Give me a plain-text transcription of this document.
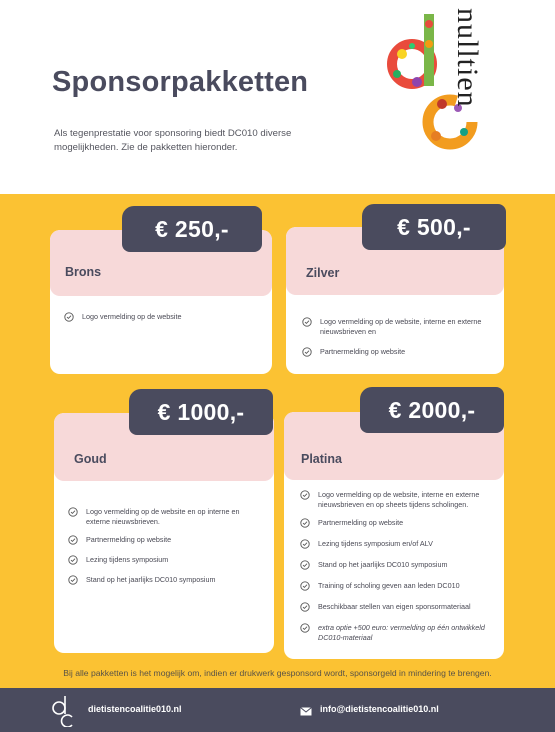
Sponsorpakketten

Als tegenprestatie voor sponsoring biedt DC010 diverse mogelijkheden. Zie de pakketten hieronder.

nulltien
Brons
Logo vermelding op de website
€ 250,-
Zilver
Logo vermelding op de website, interne en externe nieuwsbrieven en
Partnermelding op website
€ 500,-
Goud
Logo vermelding op de website en op interne en externe nieuwsbrieven.
Partnermelding op website
Lezing tijdens symposium
Stand op het jaarlijks DC010 symposium
€ 1000,-
Platina
Logo vermelding op de website, interne en externe nieuwsbrieven en op sheets tijdens scholingen.
Partnermelding op website
Lezing tijdens symposium en/of ALV
Stand op het jaarlijks DC010 symposium
Training of scholing geven aan leden DC010
Beschikbaar stellen van eigen sponsormateriaal
extra optie +500 euro: vermelding op één ontwikkeld DC010-materiaal
€ 2000,-

Bij alle pakketten is het mogelijk om, indien er drukwerk gesponsord wordt, sponsorgeld in mindering te brengen.

dietistencoalitie010.nl	info@dietistencoalitie010.nl
